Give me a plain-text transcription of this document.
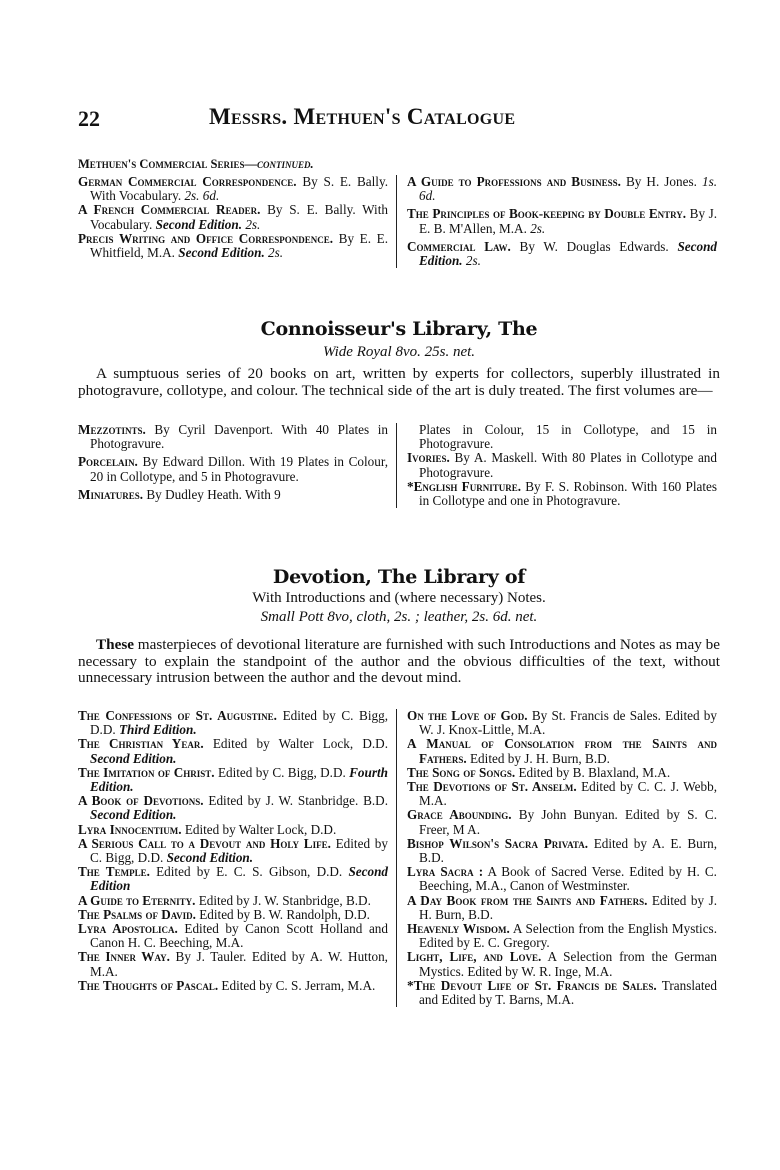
22	Messrs. Methuen's Catalogue
Methuen's Commercial Series—continued.
German Commercial Correspondence. By S. E. Bally. With Vocabulary. 2s. 6d.
A French Commercial Reader. By S. E. Bally. With Vocabulary. Second Edition. 2s.
Precis Writing and Office Correspondence. By E. E. Whitfield, M.A. Second Edition. 2s.
A Guide to Professions and Business. By H. Jones. 1s. 6d.
The Principles of Book-keeping by Double Entry. By J. E. B. M'Allen, M.A. 2s.
Commercial Law. By W. Douglas Edwards. Second Edition. 2s.
Connoisseur's Library, The
Wide Royal 8vo. 25s. net.
A sumptuous series of 20 books on art, written by experts for collectors, superbly illustrated in photogravure, collotype, and colour. The technical side of the art is duly treated. The first volumes are—
Mezzotints. By Cyril Davenport. With 40 Plates in Photogravure.
Porcelain. By Edward Dillon. With 19 Plates in Colour, 20 in Collotype, and 5 in Photogravure.
Miniatures. By Dudley Heath. With 9
Plates in Colour, 15 in Collotype, and 15 in Photogravure.
Ivories. By A. Maskell. With 80 Plates in Collotype and Photogravure.
*English Furniture. By F. S. Robinson. With 160 Plates in Collotype and one in Photogravure.
Devotion, The Library of
With Introductions and (where necessary) Notes.
Small Pott 8vo, cloth, 2s. ; leather, 2s. 6d. net.
These masterpieces of devotional literature are furnished with such Introductions and Notes as may be necessary to explain the standpoint of the author and the obvious difficulties of the text, without unnecessary intrusion between the author and the devout mind.
The Confessions of St. Augustine. Edited by C. Bigg, D.D. Third Edition.
The Christian Year. Edited by Walter Lock, D.D. Second Edition.
The Imitation of Christ. Edited by C. Bigg, D.D. Fourth Edition.
A Book of Devotions. Edited by J. W. Stanbridge. B.D. Second Edition.
Lyra Innocentium. Edited by Walter Lock, D.D.
A Serious Call to a Devout and Holy Life. Edited by C. Bigg, D.D. Second Edition.
The Temple. Edited by E. C. S. Gibson, D.D. Second Edition
A Guide to Eternity. Edited by J. W. Stanbridge, B.D.
The Psalms of David. Edited by B. W. Randolph, D.D.
Lyra Apostolica. Edited by Canon Scott Holland and Canon H. C. Beeching, M.A.
The Inner Way. By J. Tauler. Edited by A. W. Hutton, M.A.
The Thoughts of Pascal. Edited by C. S. Jerram, M.A.
On the Love of God. By St. Francis de Sales. Edited by W. J. Knox-Little, M.A.
A Manual of Consolation from the Saints and Fathers. Edited by J. H. Burn, B.D.
The Song of Songs. Edited by B. Blaxland, M.A.
The Devotions of St. Anselm. Edited by C. C. J. Webb, M.A.
Grace Abounding. By John Bunyan. Edited by S. C. Freer, M A.
Bishop Wilson's Sacra Privata. Edited by A. E. Burn, B.D.
Lyra Sacra : A Book of Sacred Verse. Edited by H. C. Beeching, M.A., Canon of Westminster.
A Day Book from the Saints and Fathers. Edited by J. H. Burn, B.D.
Heavenly Wisdom. A Selection from the English Mystics. Edited by E. C. Gregory.
Light, Life, and Love. A Selection from the German Mystics. Edited by W. R. Inge, M.A.
*The Devout Life of St. Francis de Sales. Translated and Edited by T. Barns, M.A.
